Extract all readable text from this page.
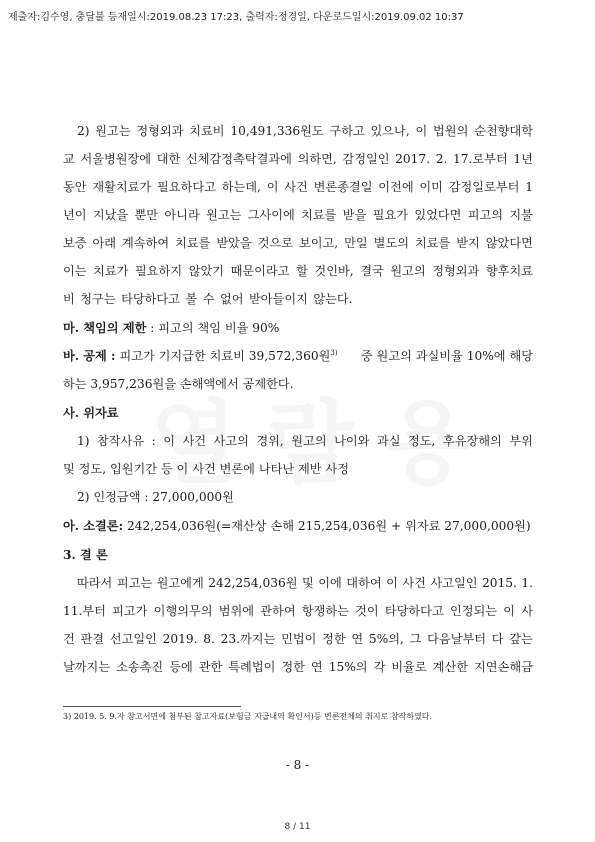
제출자:김수영, 충달불 등재일시:2019.08.23 17:23, 출력자:정경일, 다운로드일시:2019.09.02 10:37
2) 원고는 정형외과 치료비 10,491,336원도 구하고 있으나, 이 법원의 순천향대학
교 서울병원장에 대한 신체감정촉탁결과에 의하면, 감정일인 2017. 2. 17.로부터 1년
동안 재활치료가 필요하다고 하는데, 이 사건 변론종결일 이전에 이미 감정일로부터 1
년이 지났을 뿐만 아니라 원고는 그사이에 치료를 받을 필요가 있었다면 피고의 지불
보증 아래 계속하여 치료를 받았을 것으로 보이고, 만일 별도의 치료를 받지 않았다면
이는 치료가 필요하지 않았기 때문이라고 할 것인바, 결국 원고의 정형외과 향후치료
비 청구는 타당하다고 볼 수 없어 받아들이지 않는다.
마. 책임의 제한 : 피고의 책임 비율 90%
바. 공제 : 피고가 기지급한 치료비 39,572,360원$^{3)}$ 중 원고의 과실비율 10%에 해당
하는 3,957,236원을 손해액에서 공제한다.
사. 위자료
1) 참작사유 : 이 사건 사고의 경위, 원고의 나이와 과실 정도, 후유장해의 부위
및 정도, 입원기간 등 이 사건 변론에 나타난 제반 사정
2) 인정금액 : 27,000,000원
아. 소결론: 242,254,036원(=재산상 손해 215,254,036원 + 위자료 27,000,000원)
3. 결 론
따라서 피고는 원고에게 242,254,036원 및 이에 대하여 이 사건 사고일인 2015. 1.
11.부터 피고가 이행의무의 범위에 관하여 항쟁하는 것이 타당하다고 인정되는 이 사
건 판결 선고일인 2019. 8. 23.까지는 민법이 정한 연 5%의, 그 다음날부터 다 갚는
날까지는 소송촉진 등에 관한 특례법이 정한 연 15%의 각 비율로 계산한 지연손해금
3) 2019. 5. 9.자 참고서면에 첨부된 참고자료(보험금 지급내역 확인서)등 변론전체의 취지로 참작하였다.
- 8 -
8 / 11
